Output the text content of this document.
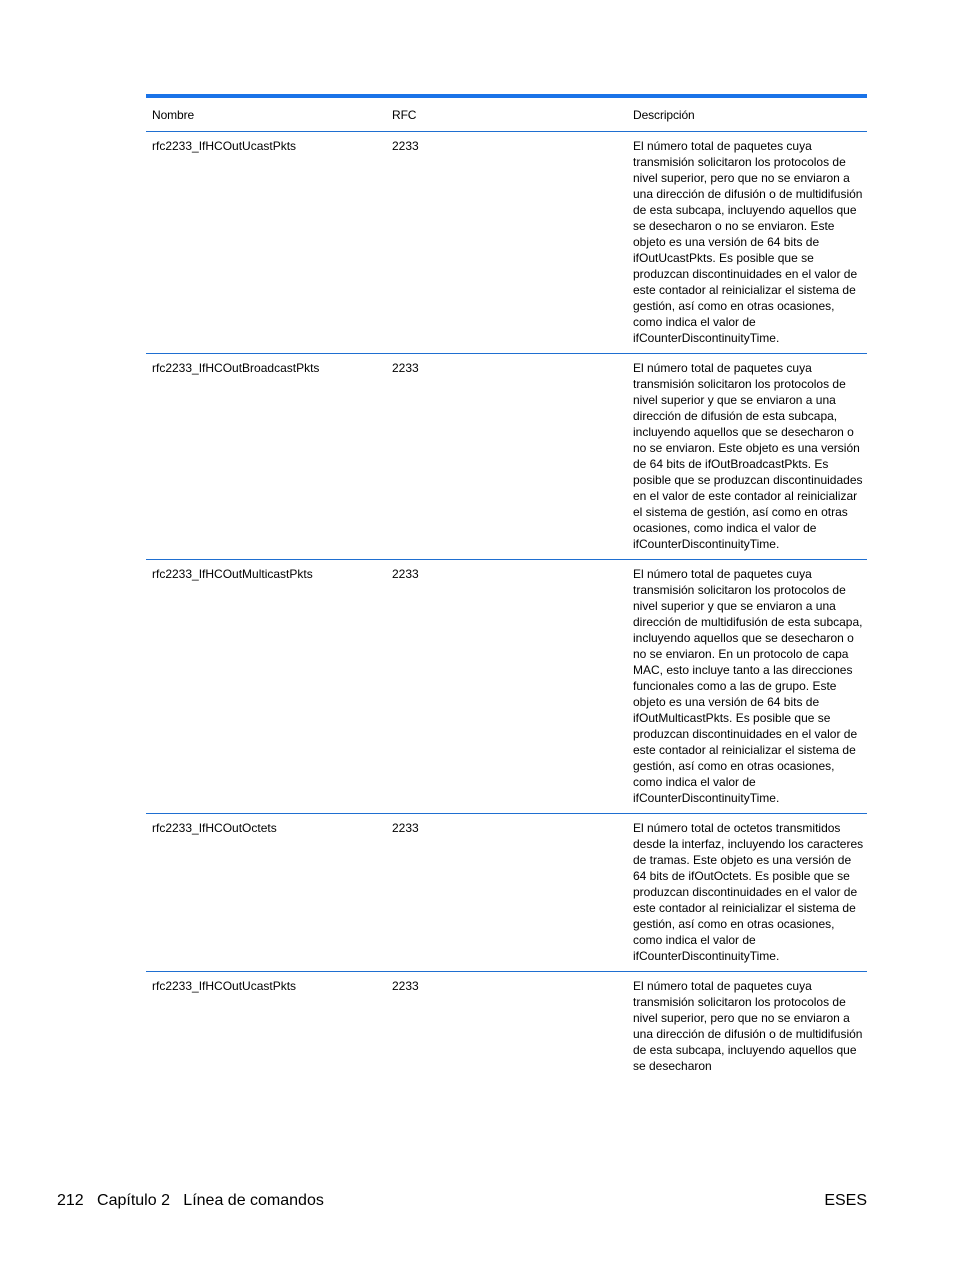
Nombre	RFC	Descripción
rfc2233_IfHCOutUcastPkts	2233	El número total de paquetes cuya transmisión solicitaron los protocolos de nivel superior, pero que no se enviaron a una dirección de difusión o de multidifusión de esta subcapa, incluyendo aquellos que se desecharon o no se enviaron. Este objeto es una versión de 64 bits de ifOutUcastPkts. Es posible que se produzcan discontinuidades en el valor de este contador al reinicializar el sistema de gestión, así como en otras ocasiones, como indica el valor de ifCounterDiscontinuityTime.
rfc2233_IfHCOutBroadcastPkts	2233	El número total de paquetes cuya transmisión solicitaron los protocolos de nivel superior y que se enviaron a una dirección de difusión de esta subcapa, incluyendo aquellos que se desecharon o no se enviaron. Este objeto es una versión de 64 bits de ifOutBroadcastPkts. Es posible que se produzcan discontinuidades en el valor de este contador al reinicializar el sistema de gestión, así como en otras ocasiones, como indica el valor de ifCounterDiscontinuityTime.
rfc2233_IfHCOutMulticastPkts	2233	El número total de paquetes cuya transmisión solicitaron los protocolos de nivel superior y que se enviaron a una dirección de multidifusión de esta subcapa, incluyendo aquellos que se desecharon o no se enviaron. En un protocolo de capa MAC, esto incluye tanto a las direcciones funcionales como a las de grupo. Este objeto es una versión de 64 bits de ifOutMulticastPkts. Es posible que se produzcan discontinuidades en el valor de este contador al reinicializar el sistema de gestión, así como en otras ocasiones, como indica el valor de ifCounterDiscontinuityTime.
rfc2233_IfHCOutOctets	2233	El número total de octetos transmitidos desde la interfaz, incluyendo los caracteres de tramas. Este objeto es una versión de 64 bits de ifOutOctets. Es posible que se produzcan discontinuidades en el valor de este contador al reinicializar el sistema de gestión, así como en otras ocasiones, como indica el valor de ifCounterDiscontinuityTime.
rfc2233_IfHCOutUcastPkts	2233	El número total de paquetes cuya transmisión solicitaron los protocolos de nivel superior, pero que no se enviaron a una dirección de difusión o de multidifusión de esta subcapa, incluyendo aquellos que se desecharon
212   Capítulo 2   Línea de comandos	ESES
